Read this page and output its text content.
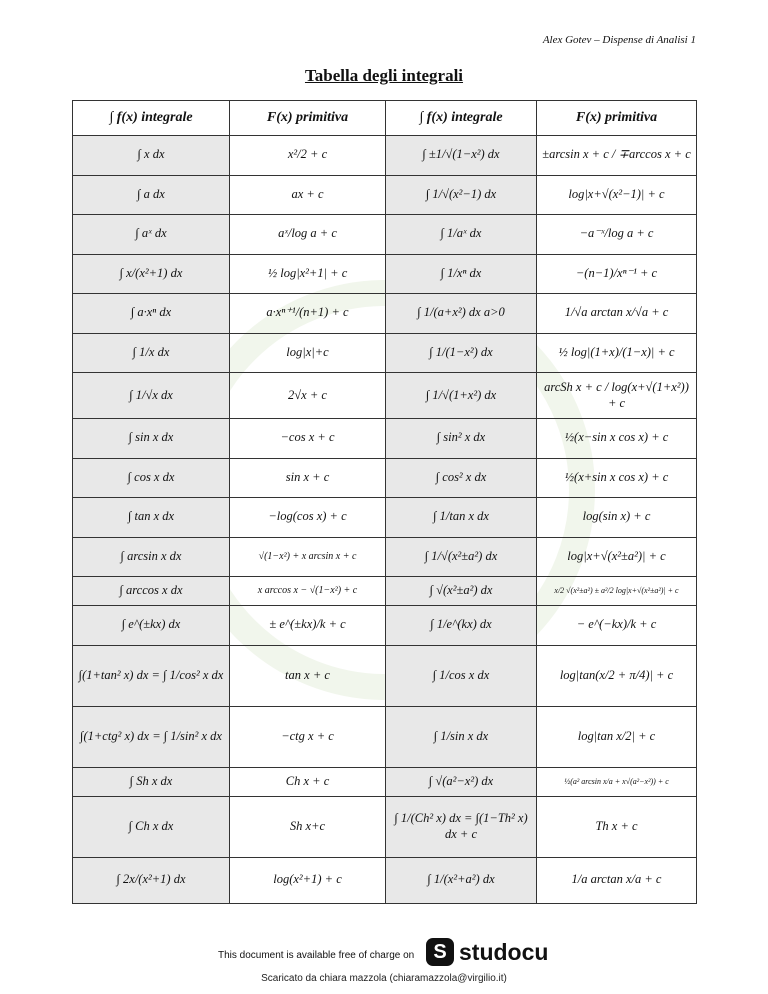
Alex Gotev – Dispense di Analisi 1
Tabella degli integrali
∫ f(x) integrale	F(x) primitiva	∫ f(x) integrale	F(x) primitiva
∫ x dx	x²/2 + c	∫ ±1/√(1−x²) dx	±arcsin x + c / ∓arccos x + c
∫ a dx	ax + c	∫ 1/√(x²−1) dx	log|x+√(x²−1)| + c
∫ aˣ dx	aˣ/log a + c	∫ 1/aˣ dx	−a⁻ˣ/log a + c
∫ x/(x²+1) dx	½ log|x²+1| + c	∫ 1/xⁿ dx	−(n−1)/xⁿ⁻¹ + c
∫ a·xⁿ dx	a·xⁿ⁺¹/(n+1) + c	∫ 1/(a+x²) dx a>0	1/√a arctan x/√a + c
∫ 1/x dx	log|x|+c	∫ 1/(1−x²) dx	½ log|(1+x)/(1−x)| + c
∫ 1/√x dx	2√x + c	∫ 1/√(1+x²) dx	arcSh x + c / log(x+√(1+x²)) + c
∫ sin x dx	−cos x + c	∫ sin² x dx	½(x−sin x cos x) + c
∫ cos x dx	sin x + c	∫ cos² x dx	½(x+sin x cos x) + c
∫ tan x dx	−log(cos x) + c	∫ 1/tan x dx	log(sin x) + c
∫ arcsin x dx	√(1−x²) + x arcsin x + c	∫ 1/√(x²±a²) dx	log|x+√(x²±a²)| + c
∫ arccos x dx	x arccos x − √(1−x²) + c	∫ √(x²±a²) dx	x/2 √(x²±a²) ± a²/2 log|x+√(x²±a²)| + c
∫ e^(±kx) dx	± e^(±kx)/k + c	∫ 1/e^(kx) dx	− e^(−kx)/k + c
∫(1+tan² x) dx = ∫ 1/cos² x dx	tan x + c	∫ 1/cos x dx	log|tan(x/2 + π/4)| + c
∫(1+ctg² x) dx = ∫ 1/sin² x dx	−ctg x + c	∫ 1/sin x dx	log|tan x/2| + c
∫ Sh x dx	Ch x + c	∫ √(a²−x²) dx	½(a² arcsin x/a + x√(a²−x²)) + c
∫ Ch x dx	Sh x+c	∫ 1/(Ch² x) dx = ∫(1−Th² x) dx + c	Th x + c
∫ 2x/(x²+1) dx	log(x²+1) + c	∫ 1/(x²+a²) dx	1/a arctan x/a + c
This document is available free of charge on S studocu
Scaricato da chiara mazzola (chiaramazzola@virgilio.it)
